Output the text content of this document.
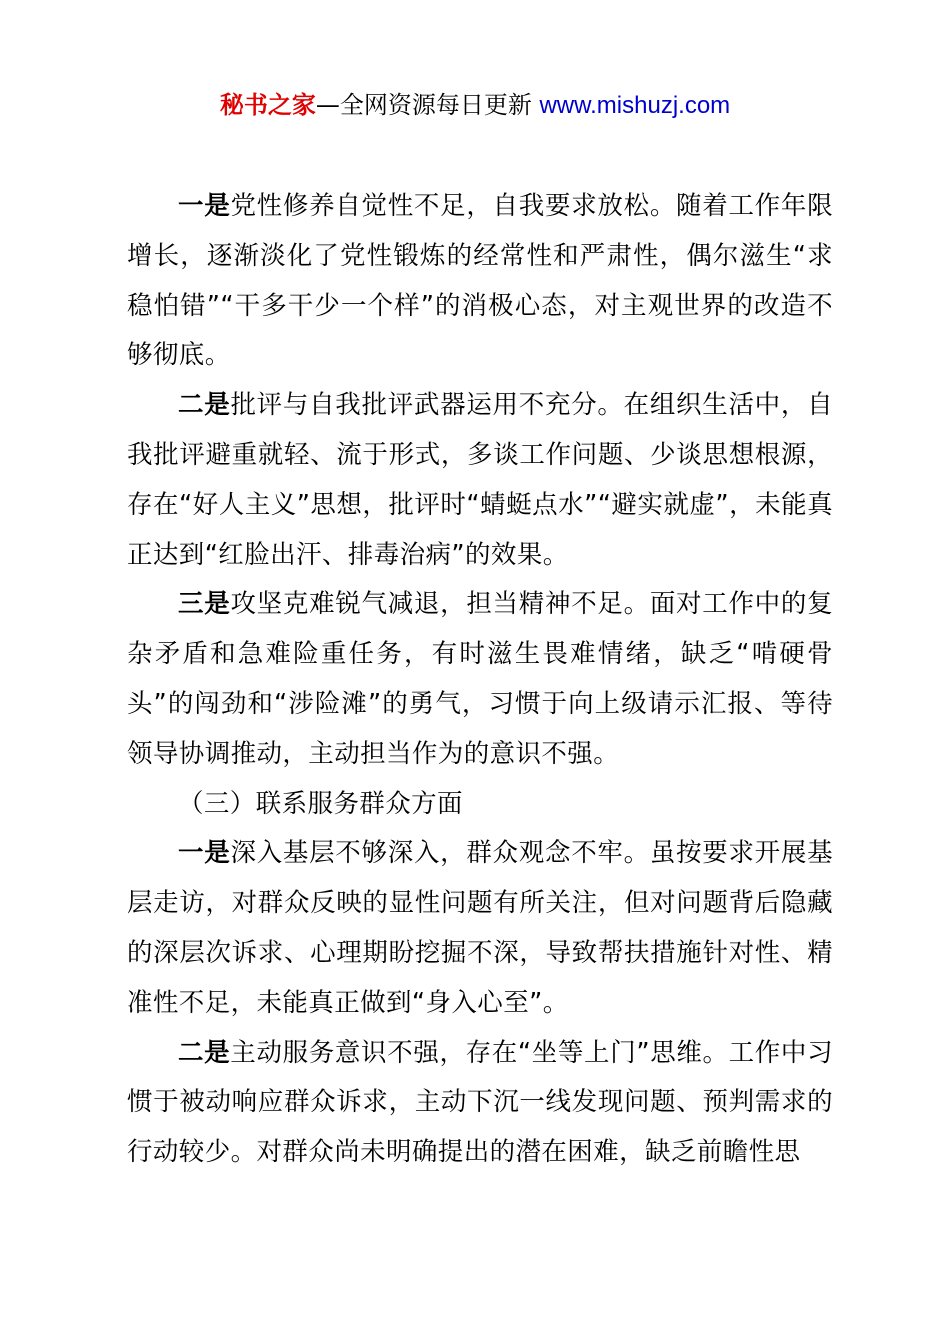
秘书之家—全网资源每日更新 www.mishuzj.com

一是党性修养自觉性不足，自我要求放松。随着工作年限增长，逐渐淡化了党性锻炼的经常性和严肃性，偶尔滋生“求稳怕错”“干多干少一个样”的消极心态，对主观世界的改造不够彻底。

二是批评与自我批评武器运用不充分。在组织生活中，自我批评避重就轻、流于形式，多谈工作问题、少谈思想根源，存在“好人主义”思想，批评时“蜻蜓点水”“避实就虚”，未能真正达到“红脸出汗、排毒治病”的效果。

三是攻坚克难锐气减退，担当精神不足。面对工作中的复杂矛盾和急难险重任务，有时滋生畏难情绪，缺乏“啃硬骨头”的闯劲和“涉险滩”的勇气，习惯于向上级请示汇报、等待领导协调推动，主动担当作为的意识不强。

（三）联系服务群众方面

一是深入基层不够深入，群众观念不牢。虽按要求开展基层走访，对群众反映的显性问题有所关注，但对问题背后隐藏的深层次诉求、心理期盼挖掘不深，导致帮扶措施针对性、精准性不足，未能真正做到“身入心至”。

二是主动服务意识不强，存在“坐等上门”思维。工作中习惯于被动响应群众诉求，主动下沉一线发现问题、预判需求的行动较少。对群众尚未明确提出的潜在困难，缺乏前瞻性思
